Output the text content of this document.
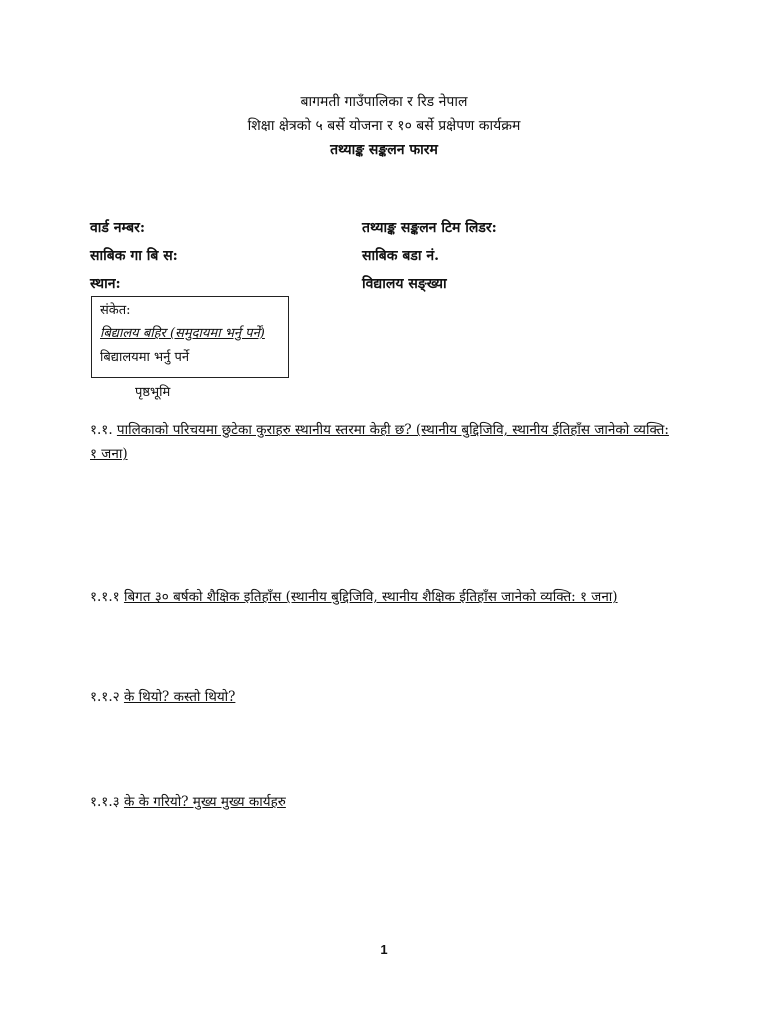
बागमती गाउँपालिका र रिड नेपाल
शिक्षा क्षेत्रको ५ बर्से योजना र १० बर्से प्रक्षेपण कार्यक्रम
तथ्याङ्क सङ्कलन फारम
वार्ड नम्बर:	तथ्याङ्क सङ्कलन टिम लिडर:
साबिक गा बि स:	साबिक बडा नं.
स्थान:	विद्यालय सङ्ख्या
संकेत:
बिद्यालय बहिर (समुदायमा भर्नु पर्ने)
बिद्यालयमा भर्नु पर्ने
पृष्ठभूमि
१.१. पालिकाको परिचयमा छुटेका कुराहरु स्थानीय स्तरमा केही छ? (स्थानीय बुद्दिजिवि, स्थानीय ईतिहाँस जानेको व्यक्ति: १ जना)
१.१.१ बिगत ३० बर्षको शैक्षिक इतिहाँस (स्थानीय बुद्दिजिवि, स्थानीय शैक्षिक ईतिहाँस जानेको व्यक्ति: १ जना)
१.१.२ के थियो? कस्तो थियो?
१.१.३ के के गरियो? मुख्य मुख्य कार्यहरु
1
